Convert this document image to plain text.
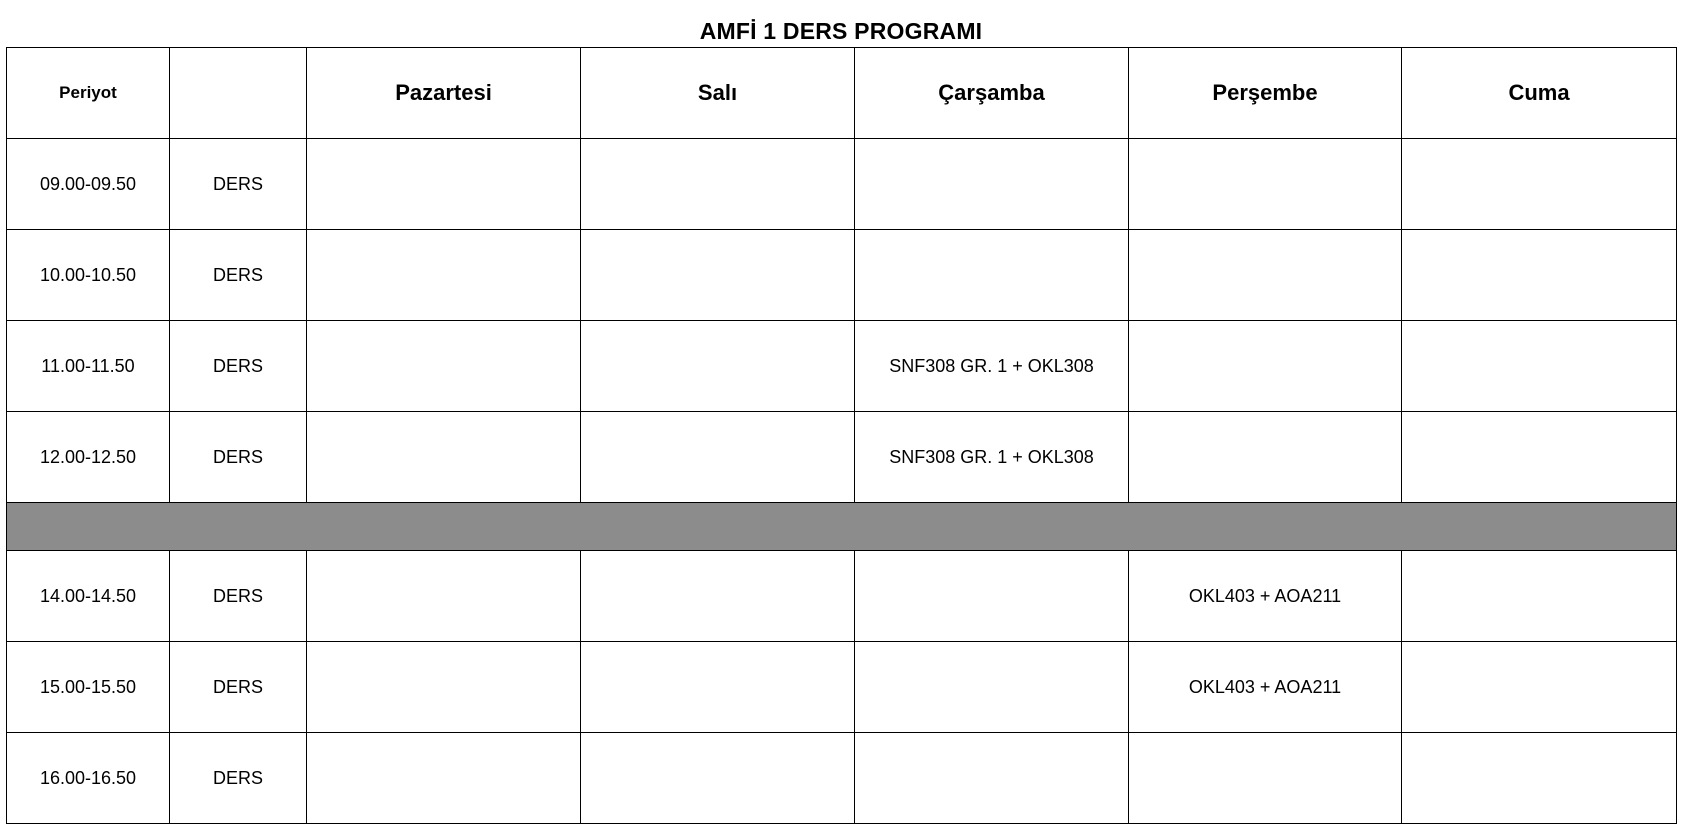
AMFİ 1 DERS PROGRAMI
Periyot		Pazartesi	Salı	Çarşamba	Perşembe	Cuma
09.00-09.50	DERS					
10.00-10.50	DERS					
11.00-11.50	DERS			SNF308 GR. 1 + OKL308		
12.00-12.50	DERS			SNF308 GR. 1 + OKL308		

14.00-14.50	DERS				OKL403 + AOA211	
15.00-15.50	DERS				OKL403 + AOA211	
16.00-16.50	DERS					
